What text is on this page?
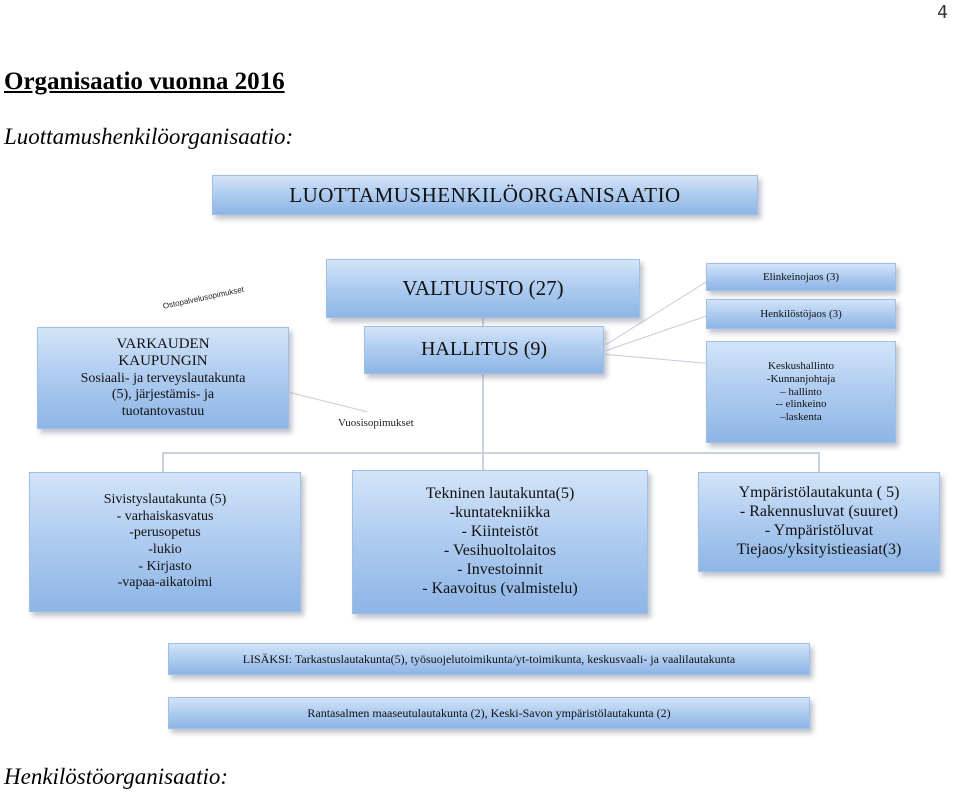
4
Organisaatio vuonna 2016
Luottamushenkilöorganisaatio:
LUOTTAMUSHENKILÖORGANISAATIO
VALTUUSTO (27)
HALLITUS (9)
Elinkeinojaos (3)
Henkilöstöjaos (3)
Keskushallinto
-Kunnanjohtaja
– hallinto
-- elinkeino
–laskenta
VARKAUDEN
KAUPUNGIN
Sosiaali- ja terveyslautakunta
(5), järjestämis- ja
tuotantovastuu
Vuosisopimukset
Ostopalvelusopimukset
Sivistyslautakunta (5)
- varhaiskasvatus
-perusopetus
-lukio
- Kirjasto
-vapaa-aikatoimi
Tekninen lautakunta(5)
-kuntatekniikka
- Kiinteistöt
- Vesihuoltolaitos
- Investoinnit
- Kaavoitus (valmistelu)
Ympäristölautakunta ( 5)
- Rakennusluvat (suuret)
- Ympäristöluvat
Tiejaos/yksityistieasiat(3)
LISÄKSI: Tarkastuslautakunta(5), työsuojelutoimikunta/yt-toimikunta, keskusvaali- ja vaalilautakunta
Rantasalmen maaseutulautakunta (2), Keski-Savon ympäristölautakunta (2)
Henkilöstöorganisaatio:
